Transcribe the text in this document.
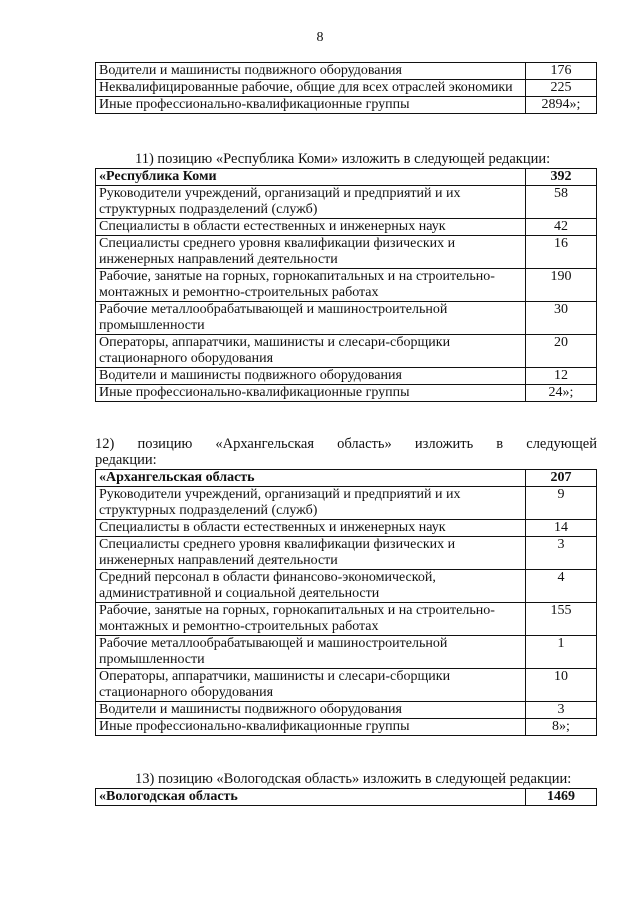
8
Водители и машинисты подвижного оборудования	176
Неквалифицированные рабочие, общие для всех отраслей экономики	225
Иные профессионально-квалификационные группы	2894»;
11) позицию «Республика Коми» изложить в следующей редакции:
«Республика Коми	392
Руководители учреждений, организаций и предприятий и их структурных подразделений (служб)	58
Специалисты в области естественных и инженерных наук	42
Специалисты среднего уровня квалификации физических и инженерных направлений деятельности	16
Рабочие, занятые на горных, горнокапитальных и на строительно-монтажных и ремонтно-строительных работах	190
Рабочие металлообрабатывающей и машиностроительной промышленности	30
Операторы, аппаратчики, машинисты и слесари-сборщики стационарного оборудования	20
Водители и машинисты подвижного оборудования	12
Иные профессионально-квалификационные группы	24»;
12) позицию «Архангельская область» изложить в следующей
редакции:
«Архангельская область	207
Руководители учреждений, организаций и предприятий и их структурных подразделений (служб)	9
Специалисты в области естественных и инженерных наук	14
Специалисты среднего уровня квалификации физических и инженерных направлений деятельности	3
Средний персонал в области финансово-экономической, административной и социальной деятельности	4
Рабочие, занятые на горных, горнокапитальных и на строительно-монтажных и ремонтно-строительных работах	155
Рабочие металлообрабатывающей и машиностроительной промышленности	1
Операторы, аппаратчики, машинисты и слесари-сборщики стационарного оборудования	10
Водители и машинисты подвижного оборудования	3
Иные профессионально-квалификационные группы	8»;
13) позицию «Вологодская область» изложить в следующей редакции:
«Вологодская область	1469
